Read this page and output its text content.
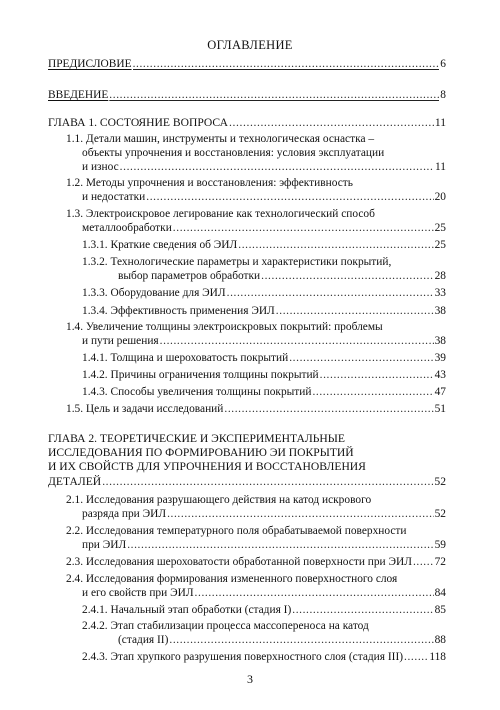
ОГЛАВЛЕНИЕ
ПРЕДИСЛОВИЕ .....	6
ВВЕДЕНИЕ .....	8
ГЛАВА 1. СОСТОЯНИЕ ВОПРОСА .....	11
1.1. Детали машин, инструменты и технологическая оснастка –
объекты упрочнения и восстановления: условия эксплуатации
и износ .....	11
1.2. Методы упрочнения и восстановления: эффективность
и недостатки .....	20
1.3. Электроискровое легирование как технологический способ
металлообработки .....	25
1.3.1. Краткие сведения об ЭИЛ .....	25
1.3.2. Технологические параметры и характеристики покрытий,
выбор параметров обработки .....	28
1.3.3. Оборудование для ЭИЛ .....	33
1.3.4. Эффективность применения ЭИЛ .....	38
1.4. Увеличение толщины электроискровых покрытий: проблемы
и пути решения .....	38
1.4.1. Толщина и шероховатость покрытий .....	39
1.4.2. Причины ограничения толщины покрытий .....	43
1.4.3. Способы увеличения толщины покрытий .....	47
1.5. Цель и задачи исследований .....	51
ГЛАВА 2. ТЕОРЕТИЧЕСКИЕ И ЭКСПЕРИМЕНТАЛЬНЫЕ
ИССЛЕДОВАНИЯ ПО ФОРМИРОВАНИЮ ЭИ ПОКРЫТИЙ
И ИХ СВОЙСТВ ДЛЯ УПРОЧНЕНИЯ И ВОССТАНОВЛЕНИЯ
ДЕТАЛЕЙ .....	52
2.1. Исследования разрушающего действия на катод искрового
разряда при ЭИЛ .....	52
2.2. Исследования температурного поля обрабатываемой поверхности
при ЭИЛ .....	59
2.3. Исследования шероховатости обработанной поверхности при ЭИЛ ..... 72
2.4. Исследования формирования измененного поверхностного слоя
и его свойств при ЭИЛ .....	84
2.4.1. Начальный этап обработки (стадия I) .....	85
2.4.2. Этап стабилизации процесса массопереноса на катод
(стадия II) .....	88
2.4.3. Этап хрупкого разрушения поверхностного слоя (стадия III) ..... 118
3
